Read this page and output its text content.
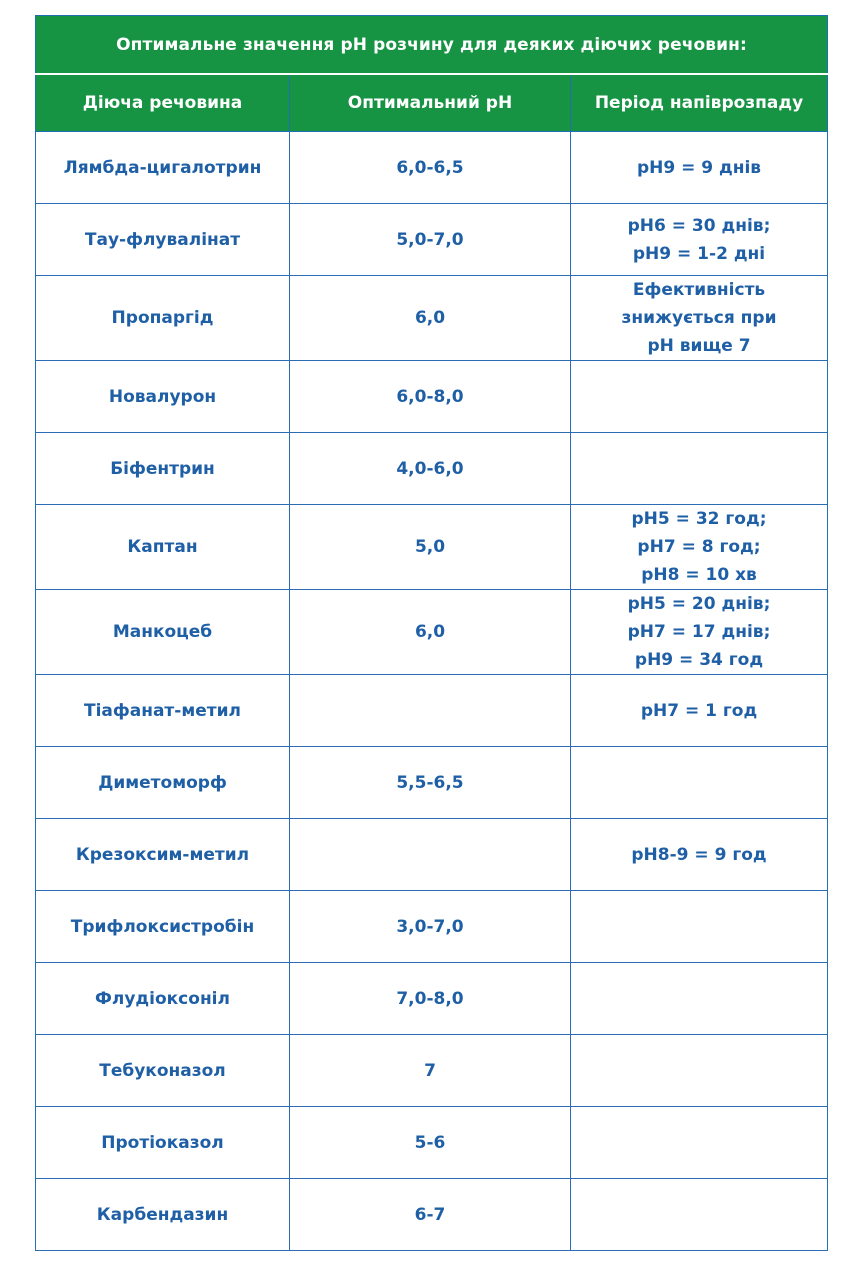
Оптимальне значення pH розчину для деяких діючих речовин:		
Діюча речовина	Оптимальний pH	Період напіврозпаду
Лямбда-цигалотрин	6,0-6,5	pH9 = 9 днів
Тау-флувалінат	5,0-7,0	pH6 = 30 днів;
pH9 = 1-2 дні
Пропаргід	6,0	Ефективність
знижується при
pH вище 7
Новалурон	6,0-8,0	
Біфентрин	4,0-6,0	
Каптан	5,0	pH5 = 32 год;
pH7 = 8 год;
pH8 = 10 хв
Манкоцеб	6,0	pH5 = 20 днів;
pH7 = 17 днів;
pH9 = 34 год
Тіафанат-метил		pH7 = 1 год
Диметоморф	5,5-6,5	
Крезоксим-метил		pH8-9 = 9 год
Трифлоксистробін	3,0-7,0	
Флудіоксоніл	7,0-8,0	
Тебуконазол	7	
Протіоказол	5-6	
Карбендазин	6-7	
